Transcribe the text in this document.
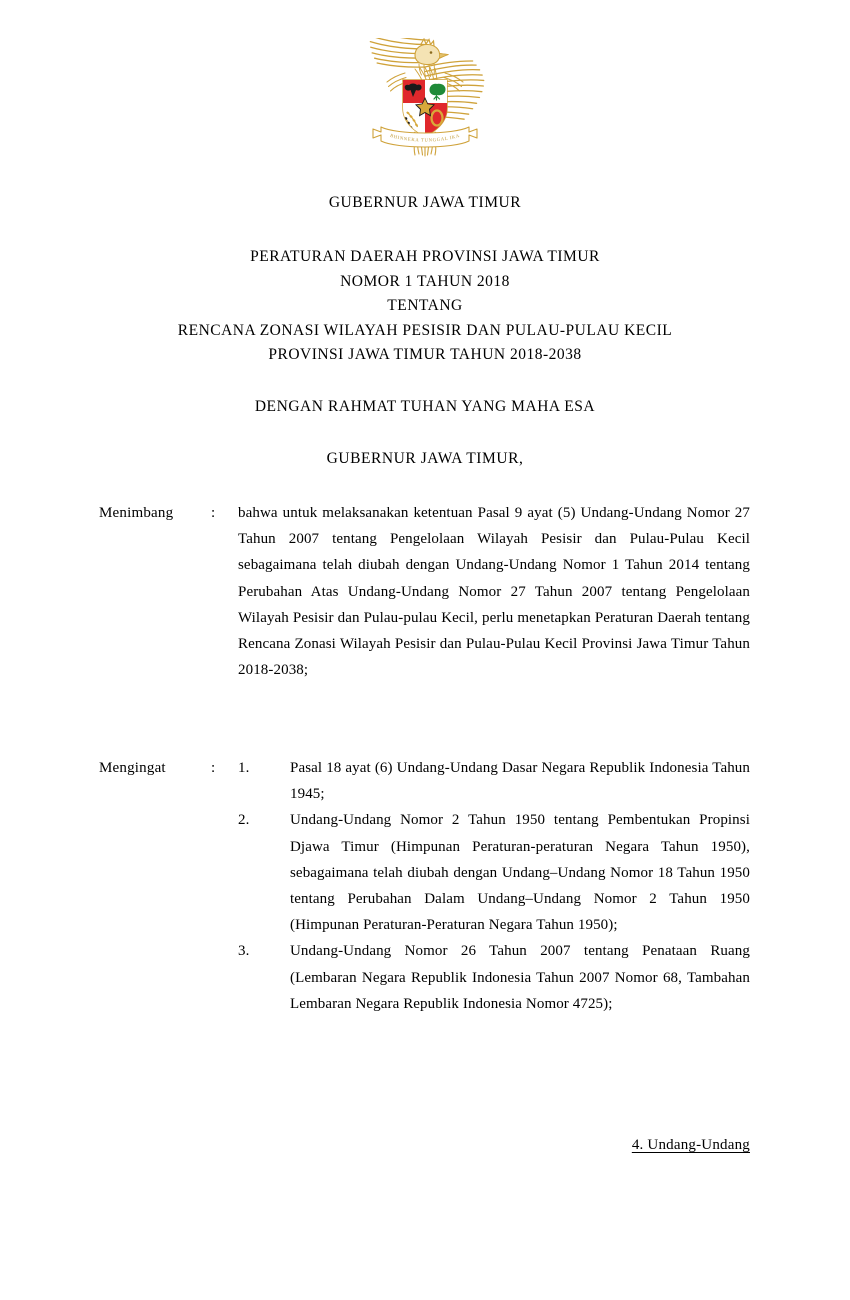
BHINNEKA TUNGGAL IKA
GUBERNUR JAWA TIMUR
PERATURAN DAERAH PROVINSI JAWA TIMUR
NOMOR 1 TAHUN 2018
TENTANG
RENCANA ZONASI WILAYAH PESISIR DAN PULAU-PULAU KECIL
PROVINSI JAWA TIMUR TAHUN 2018-2038
DENGAN RAHMAT TUHAN YANG MAHA ESA
GUBERNUR JAWA TIMUR,
Menimbang	:	bahwa untuk melaksanakan ketentuan Pasal 9 ayat (5) Undang-Undang Nomor 27 Tahun 2007 tentang Pengelolaan Wilayah Pesisir dan Pulau-Pulau Kecil sebagaimana telah diubah dengan Undang-Undang Nomor 1 Tahun 2014 tentang Perubahan Atas Undang-Undang Nomor 27 Tahun 2007 tentang Pengelolaan Wilayah Pesisir dan Pulau-pulau Kecil, perlu menetapkan Peraturan Daerah tentang Rencana Zonasi Wilayah Pesisir dan Pulau-Pulau Kecil Provinsi Jawa Timur Tahun 2018-2038;

Mengingat	:	1.	Pasal 18 ayat (6) Undang-Undang Dasar Negara Republik Indonesia Tahun 1945;
2.	Undang-Undang Nomor 2 Tahun 1950 tentang Pembentukan Propinsi Djawa Timur (Himpunan Peraturan-peraturan Negara Tahun 1950), sebagaimana telah diubah dengan Undang–Undang Nomor 18 Tahun 1950 tentang Perubahan Dalam Undang–Undang Nomor 2 Tahun 1950 (Himpunan Peraturan-Peraturan Negara Tahun 1950);
3.	Undang-Undang Nomor 26 Tahun 2007 tentang Penataan Ruang (Lembaran Negara Republik Indonesia Tahun 2007 Nomor 68, Tambahan Lembaran Negara Republik Indonesia Nomor 4725);
4. Undang-Undang
